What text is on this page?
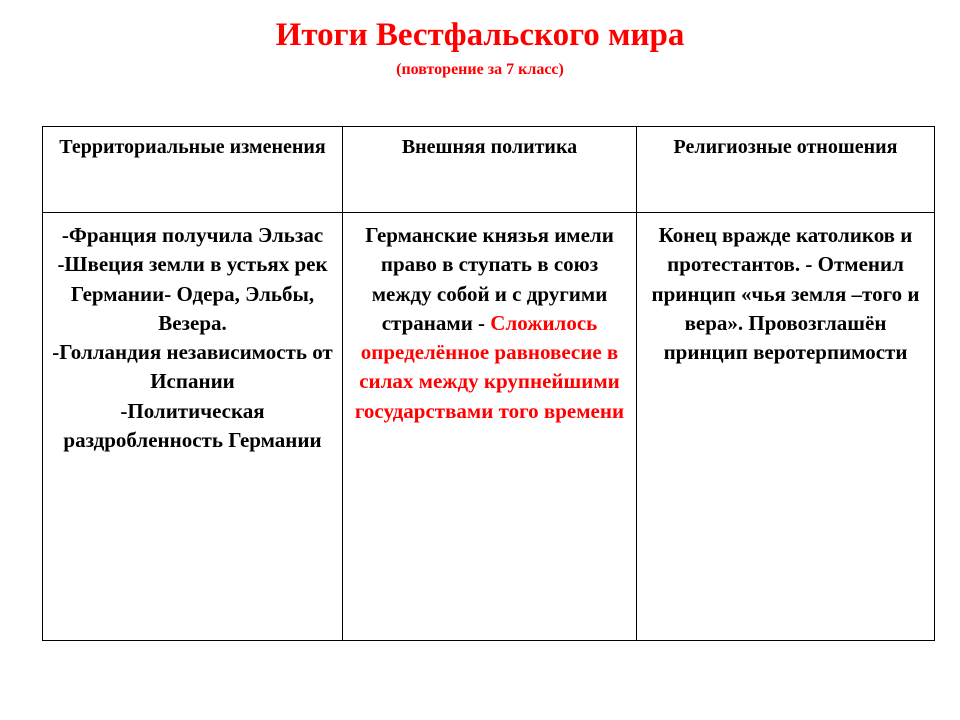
Итоги Вестфальского мира

(повторение за 7 класс)

Территориальные изменения	Внешняя политика	Религиозные отношения

-Франция получила Эльзас
-Швеция земли в устьях рек Германии- Одера, Эльбы, Везера.
-Голландия независимость от Испании
-Политическая раздробленность Германии	Германские князья имели право в ступать в союз между собой и с другими странами - Сложилось определённое равновесие в силах между крупнейшими государствами того времени	Конец вражде католиков и протестантов. - Отменил принцип «чья земля –того и вера». Провозглашён принцип веротерпимости
